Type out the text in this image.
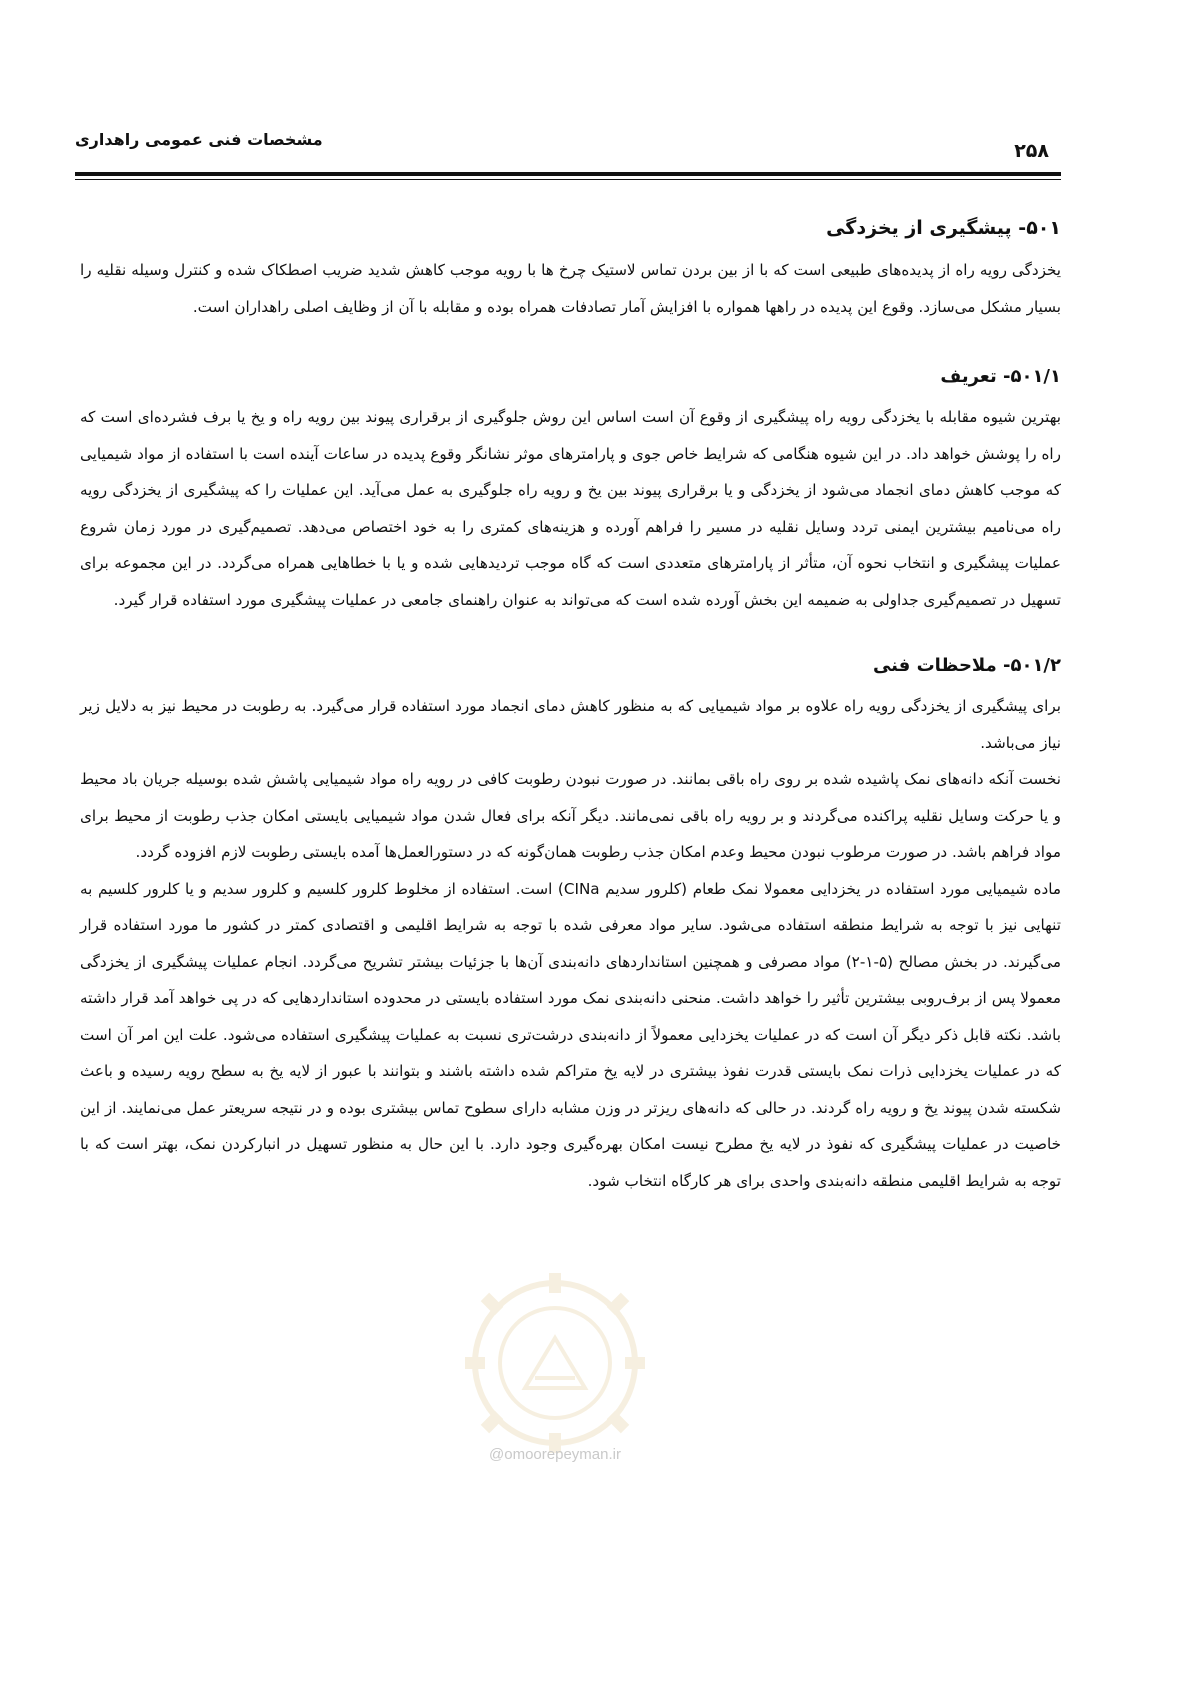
مشخصات فنی عمومی راهداری
۲۵۸
۵۰۱- پیشگیری از یخزدگی

یخزدگی رویه راه از پدیده‌های طبیعی است که با از بین بردن تماس لاستیک چرخ ها با رویه موجب کاهش شدید ضریب اصطکاک شده و کنترل وسیله نقلیه را بسیار مشکل می‌سازد. وقوع این پدیده در راهها همواره با افزایش آمار تصادفات همراه بوده و مقابله با آن از وظایف اصلی راهداران است.

۵۰۱/۱- تعریف

بهترین شیوه مقابله با یخزدگی رویه راه پیشگیری از وقوع آن است اساس این روش جلوگیری از برقراری پیوند بین رویه راه و یخ یا برف فشرده‌ای است که راه را پوشش خواهد داد. در این شیوه هنگامی که شرایط خاص جوی و پارامترهای موثر نشانگر وقوع پدیده در ساعات آینده است با استفاده از مواد شیمیایی که موجب کاهش دمای انجماد می‌شود از یخزدگی و یا برقراری پیوند بین یخ و رویه راه جلوگیری به عمل می‌آید. این عملیات را که پیشگیری از یخزدگی رویه راه می‌نامیم بیشترین ایمنی تردد وسایل نقلیه در مسیر را فراهم آورده و هزینه‌های کمتری را به خود اختصاص می‌دهد. تصمیم‌گیری در مورد زمان شروع عملیات پیشگیری و انتخاب نحوه آن، متأثر از پارامترهای متعددی است که گاه موجب تردیدهایی شده و یا با خطاهایی همراه می‌گردد. در این مجموعه برای تسهیل در تصمیم‌گیری جداولی به ضمیمه این بخش آورده شده است که می‌تواند به عنوان راهنمای جامعی در عملیات پیشگیری مورد استفاده قرار گیرد.

۵۰۱/۲- ملاحظات فنی

برای پیشگیری از یخزدگی رویه راه علاوه بر مواد شیمیایی که به منظور کاهش دمای انجماد مورد استفاده قرار می‌گیرد. به رطوبت در محیط نیز به دلایل زیر نیاز می‌باشد.

نخست آنکه دانه‌های نمک پاشیده شده بر روی راه باقی بمانند. در صورت نبودن رطوبت کافی در رویه راه مواد شیمیایی پاشش شده بوسیله جریان باد محیط و یا حرکت وسایل نقلیه پراکنده می‌گردند و بر رویه راه باقی نمی‌مانند. دیگر آنکه برای فعال شدن مواد شیمیایی بایستی امکان جذب رطوبت از محیط برای مواد فراهم باشد. در صورت مرطوب نبودن محیط وعدم امکان جذب رطوبت همان‌گونه که در دستورالعمل‌ها آمده بایستی رطوبت لازم افزوده گردد.

ماده شیمیایی مورد استفاده در یخزدایی معمولا نمک طعام (کلرور سدیم CINa) است. استفاده از مخلوط کلرور کلسیم و کلرور سدیم و یا کلرور کلسیم به تنهایی نیز با توجه به شرایط منطقه استفاده می‌شود. سایر مواد معرفی شده با توجه به شرایط اقلیمی و اقتصادی کمتر در کشور ما مورد استفاده قرار می‌گیرند. در بخش مصالح (۵-۱-۲) مواد مصرفی و همچنین استانداردهای دانه‌بندی آن‌ها با جزئیات بیشتر تشریح می‌گردد. انجام عملیات پیشگیری از یخزدگی معمولا پس از برف‌روبی بیشترین تأثیر را خواهد داشت. منحنی دانه‌بندی نمک مورد استفاده بایستی در محدوده استانداردهایی که در پی خواهد آمد قرار داشته باشد. نکته قابل ذکر دیگر آن است که در عملیات یخزدایی معمولاً از دانه‌بندی درشت‌تری نسبت به عملیات پیشگیری استفاده می‌شود. علت این امر آن است که در عملیات یخزدایی ذرات نمک بایستی قدرت نفوذ بیشتری در لایه یخ متراکم شده داشته باشند و بتوانند با عبور از لایه یخ به سطح رویه رسیده و باعث شکسته شدن پیوند یخ و رویه راه گردند. در حالی که دانه‌های ریزتر در وزن مشابه دارای سطوح تماس بیشتری بوده و در نتیجه سریعتر عمل می‌نمایند. از این خاصیت در عملیات پیشگیری که نفوذ در لایه یخ مطرح نیست امکان بهره‌گیری وجود دارد. با این حال به منظور تسهیل در انبارکردن نمک، بهتر است که با توجه به شرایط اقلیمی منطقه دانه‌بندی واحدی برای هر کارگاه انتخاب شود.

@omoorepeyman.ir
